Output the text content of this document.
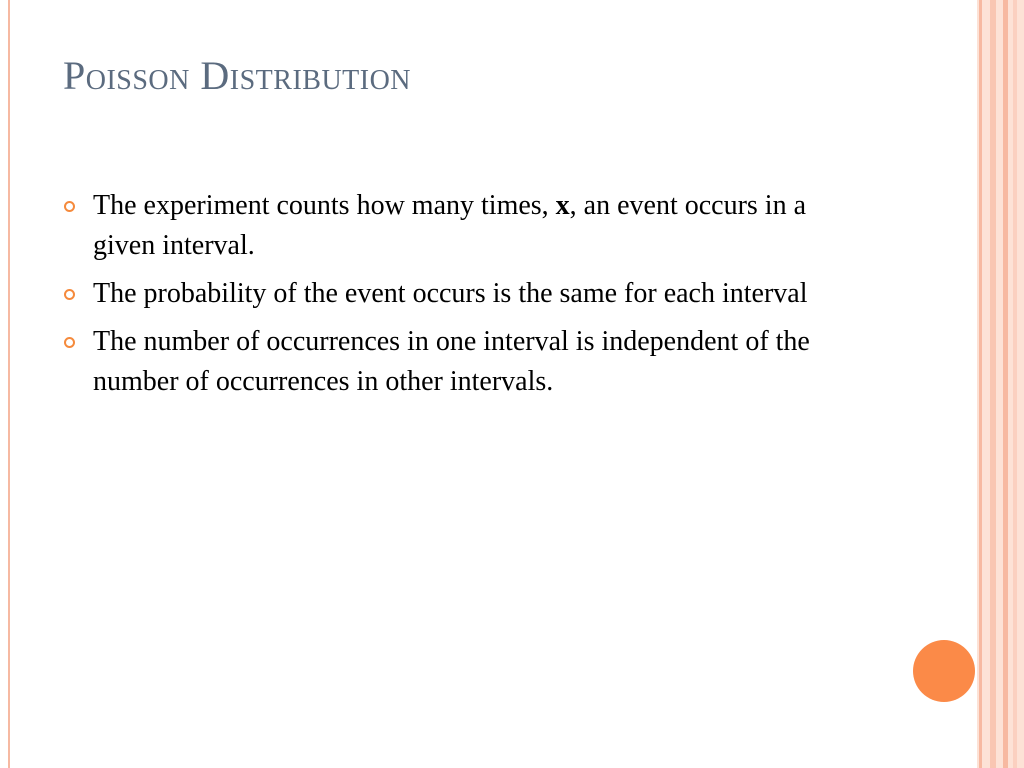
Poisson Distribution
The experiment counts how many times, x, an event occurs in a given interval.
The probability of the event occurs is the same for each interval
The number of occurrences in one interval is independent of the number of occurrences in other intervals.
